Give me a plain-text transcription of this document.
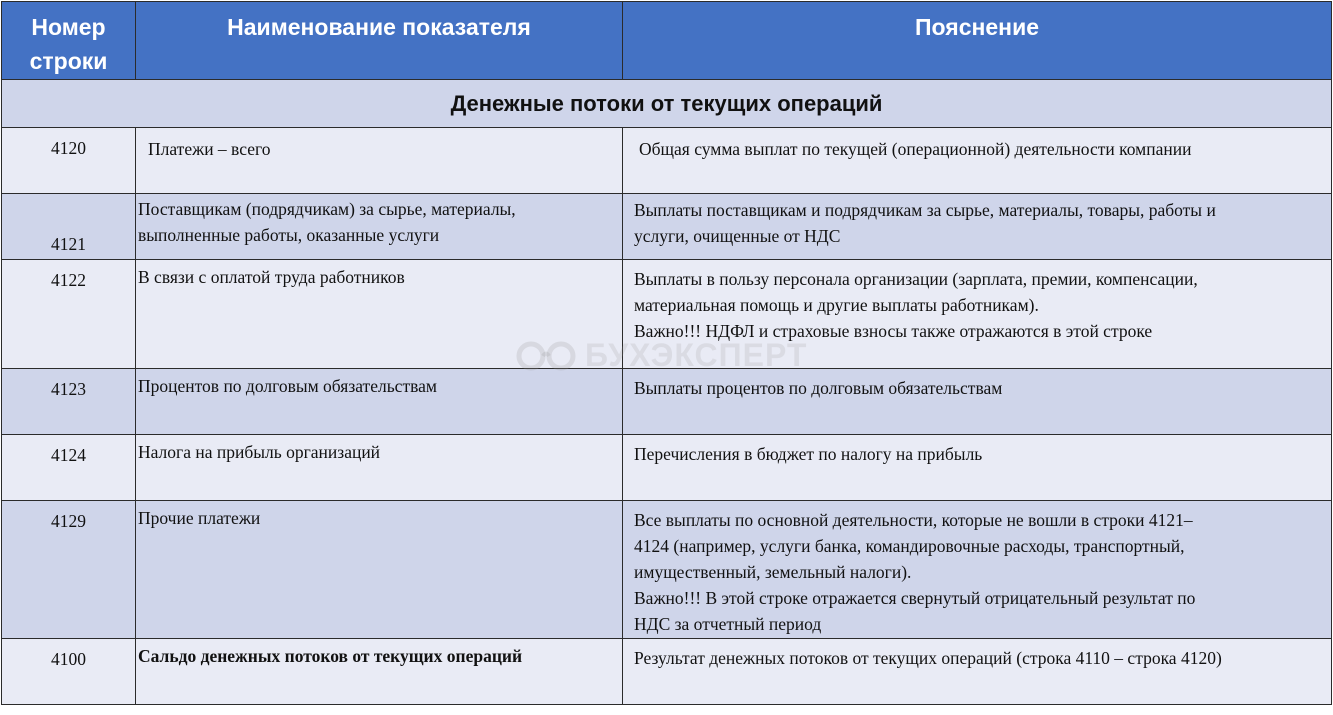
Номер
строки	Наименование показателя	Пояснение
Денежные потоки от текущих операций		
4120	Платежи – всего	Общая сумма выплат по текущей (операционной) деятельности компании

4121	Поставщикам (подрядчикам) за сырье, материалы,
выполненные работы, оказанные услуги	Выплаты поставщикам и подрядчикам за сырье, материалы, товары, работы и
услуги, очищенные от НДС

4122	В связи с оплатой труда работников	Выплаты в пользу персонала организации (зарплата, премии, компенсации,
материальная помощь и другие выплаты работникам).
Важно!!! НДФЛ и страховые взносы также отражаются в этой строке

4123	Процентов по долговым обязательствам	Выплаты процентов по долговым обязательствам

4124	Налога на прибыль организаций	Перечисления в бюджет по налогу на прибыль

4129	Прочие платежи	Все выплаты по основной деятельности, которые не вошли в строки 4121–
4124 (например, услуги банка, командировочные расходы, транспортный,
имущественный, земельный налоги).
Важно!!! В этой строке отражается свернутый отрицательный результат по
НДС за отчетный период

4100	Сальдо денежных потоков от текущих операций	Результат денежных потоков от текущих операций (строка 4110 – строка 4120)
